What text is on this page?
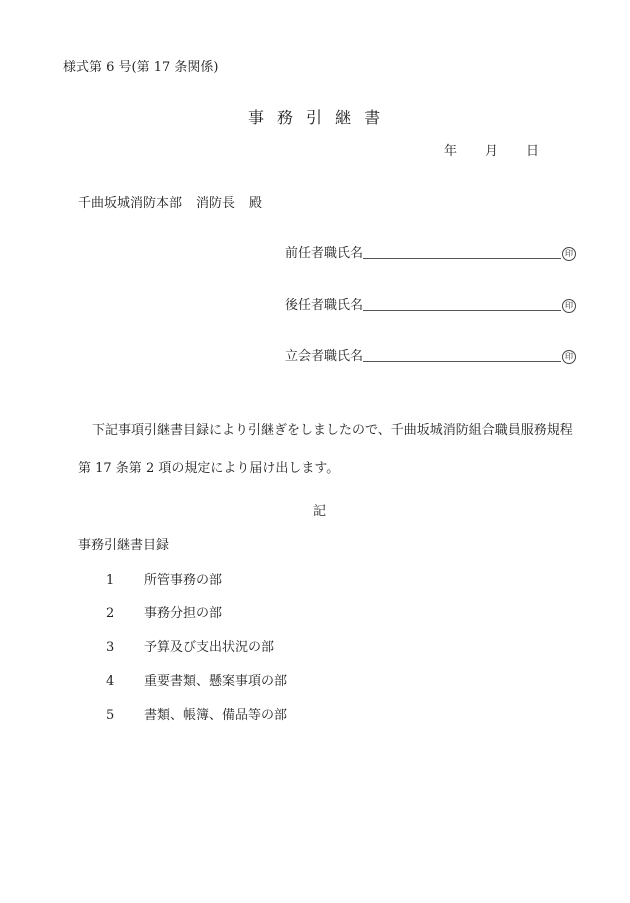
様式第 6 号(第 17 条関係)
事 務 引 継 書
年 月 日
千曲坂城消防本部 消防長 殿
前任者職氏名	印
後任者職氏名	印
立会者職氏名	印

下記事項引継書目録により引継ぎをしましたので、千曲坂城消防組合職員服務規程

第 17 条第 2 項の規定により届け出します。

記
事務引継書目録
1 所管事務の部
2 事務分担の部
3 予算及び支出状況の部
4 重要書類、懸案事項の部
5 書類、帳簿、備品等の部
